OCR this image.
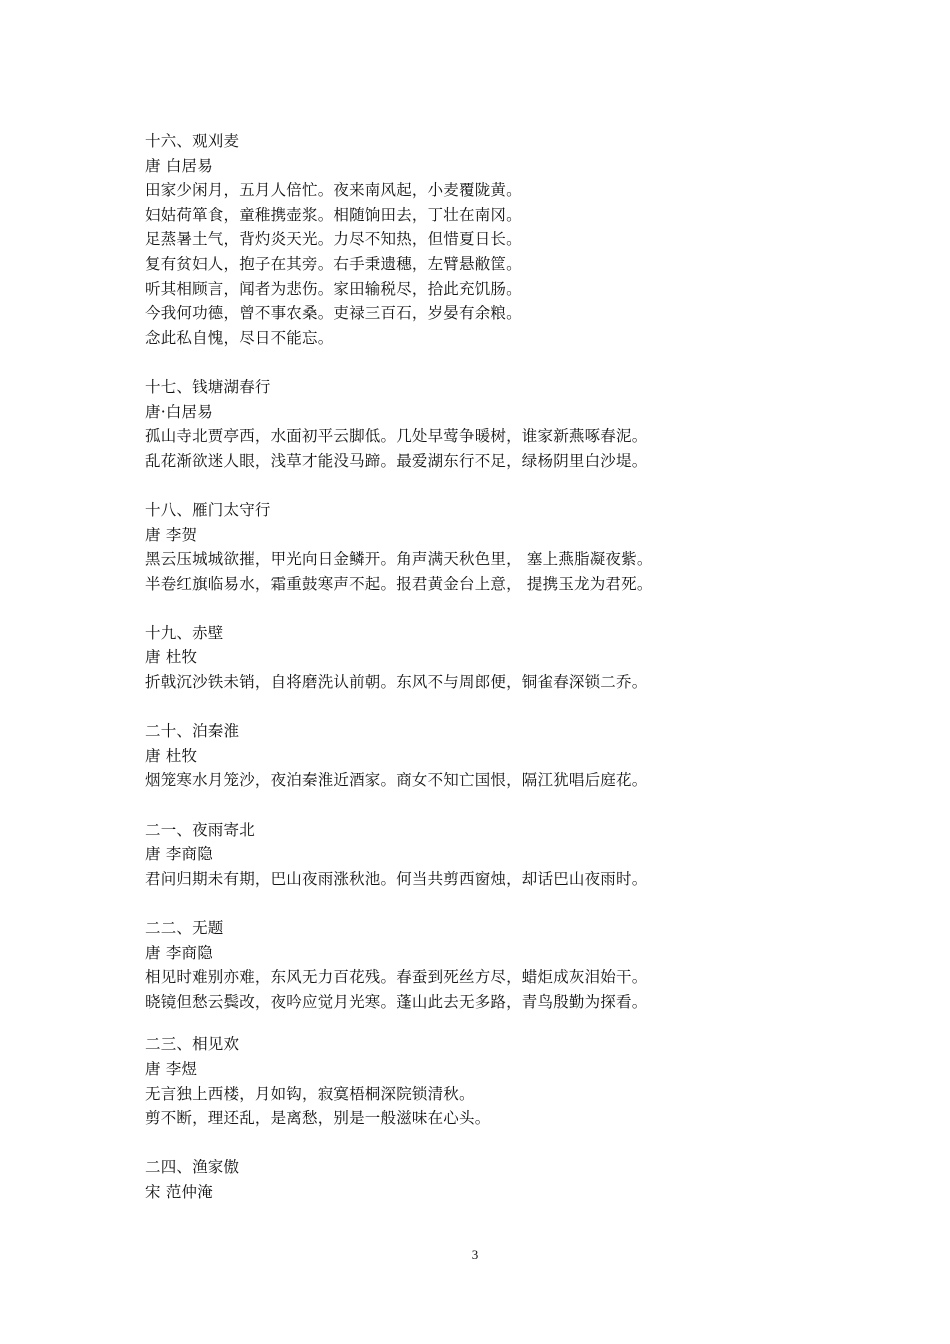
十六、观刈麦
唐 白居易
田家少闲月，五月人倍忙。夜来南风起，小麦覆陇黄。
妇姑荷箪食，童稚携壶浆。相随饷田去，丁壮在南冈。
足蒸暑土气，背灼炎天光。力尽不知热，但惜夏日长。
复有贫妇人，抱子在其旁。右手秉遗穗，左臂悬敝筐。
听其相顾言，闻者为悲伤。家田输税尽，拾此充饥肠。
今我何功德，曾不事农桑。吏禄三百石，岁晏有余粮。
念此私自愧，尽日不能忘。
十七、钱塘湖春行
唐·白居易
孤山寺北贾亭西，水面初平云脚低。几处早莺争暖树，谁家新燕啄春泥。
乱花渐欲迷人眼，浅草才能没马蹄。最爱湖东行不足，绿杨阴里白沙堤。
十八、雁门太守行
唐 李贺
黑云压城城欲摧，甲光向日金鳞开。角声满天秋色里， 塞上燕脂凝夜紫。
半卷红旗临易水，霜重鼓寒声不起。报君黄金台上意， 提携玉龙为君死。
十九、赤壁
唐 杜牧
折戟沉沙铁未销，自将磨洗认前朝。东风不与周郎便，铜雀春深锁二乔。
二十、泊秦淮
唐 杜牧
烟笼寒水月笼沙，夜泊秦淮近酒家。商女不知亡国恨，隔江犹唱后庭花。
二一、夜雨寄北
唐 李商隐
君问归期未有期，巴山夜雨涨秋池。何当共剪西窗烛，却话巴山夜雨时。
二二、无题
唐 李商隐
相见时难别亦难，东风无力百花残。春蚕到死丝方尽，蜡炬成灰泪始干。
晓镜但愁云鬓改，夜吟应觉月光寒。蓬山此去无多路，青鸟殷勤为探看。
二三、相见欢
唐 李煜
无言独上西楼，月如钩，寂寞梧桐深院锁清秋。
剪不断，理还乱，是离愁，别是一般滋味在心头。
二四、渔家傲
宋 范仲淹
3
